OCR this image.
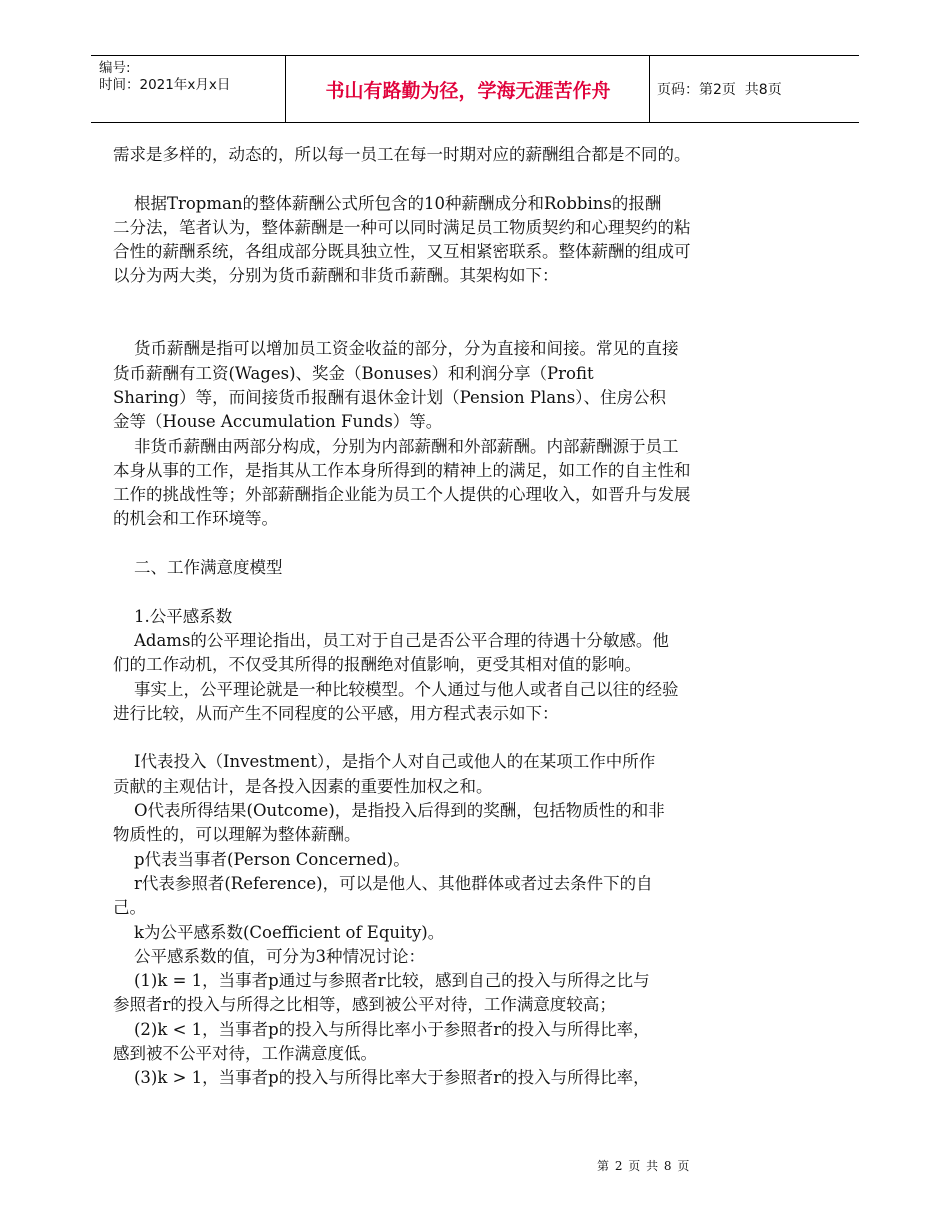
编号:
时间：2021年x月x日	书山有路勤为径，学海无涯苦作舟	页码：第2页  共8页

需求是多样的，动态的，所以每一员工在每一时期对应的薪酬组合都是不同的。

根据Tropman的整体薪酬公式所包含的10种薪酬成分和Robbins的报酬

二分法，笔者认为，整体薪酬是一种可以同时满足员工物质契约和心理契约的粘

合性的薪酬系统，各组成部分既具独立性，又互相紧密联系。整体薪酬的组成可

以分为两大类，分别为货币薪酬和非货币薪酬。其架构如下：

货币薪酬是指可以增加员工资金收益的部分，分为直接和间接。常见的直接

货币薪酬有工资(Wages)、奖金（Bonuses）和利润分享（Profit

Sharing）等，而间接货币报酬有退休金计划（Pension Plans）、住房公积

金等（House Accumulation Funds）等。

非货币薪酬由两部分构成，分别为内部薪酬和外部薪酬。内部薪酬源于员工

本身从事的工作，是指其从工作本身所得到的精神上的满足，如工作的自主性和

工作的挑战性等；外部薪酬指企业能为员工个人提供的心理收入，如晋升与发展

的机会和工作环境等。

二、工作满意度模型

1.公平感系数

Adams的公平理论指出，员工对于自己是否公平合理的待遇十分敏感。他

们的工作动机，不仅受其所得的报酬绝对值影响，更受其相对值的影响。

事实上，公平理论就是一种比较模型。个人通过与他人或者自己以往的经验

进行比较，从而产生不同程度的公平感，用方程式表示如下：

I代表投入（Investment），是指个人对自己或他人的在某项工作中所作

贡献的主观估计，是各投入因素的重要性加权之和。

O代表所得结果(Outcome)，是指投入后得到的奖酬，包括物质性的和非

物质性的，可以理解为整体薪酬。

p代表当事者(Person Concerned)。

r代表参照者(Reference)，可以是他人、其他群体或者过去条件下的自

己。

k为公平感系数(Coefficient of Equity)。

公平感系数的值，可分为3种情况讨论：

(1)k = 1，当事者p通过与参照者r比较，感到自己的投入与所得之比与

参照者r的投入与所得之比相等，感到被公平对待，工作满意度较高；

(2)k < 1，当事者p的投入与所得比率小于参照者r的投入与所得比率，

感到被不公平对待，工作满意度低。

(3)k > 1，当事者p的投入与所得比率大于参照者r的投入与所得比率，

第 2 页 共 8 页
